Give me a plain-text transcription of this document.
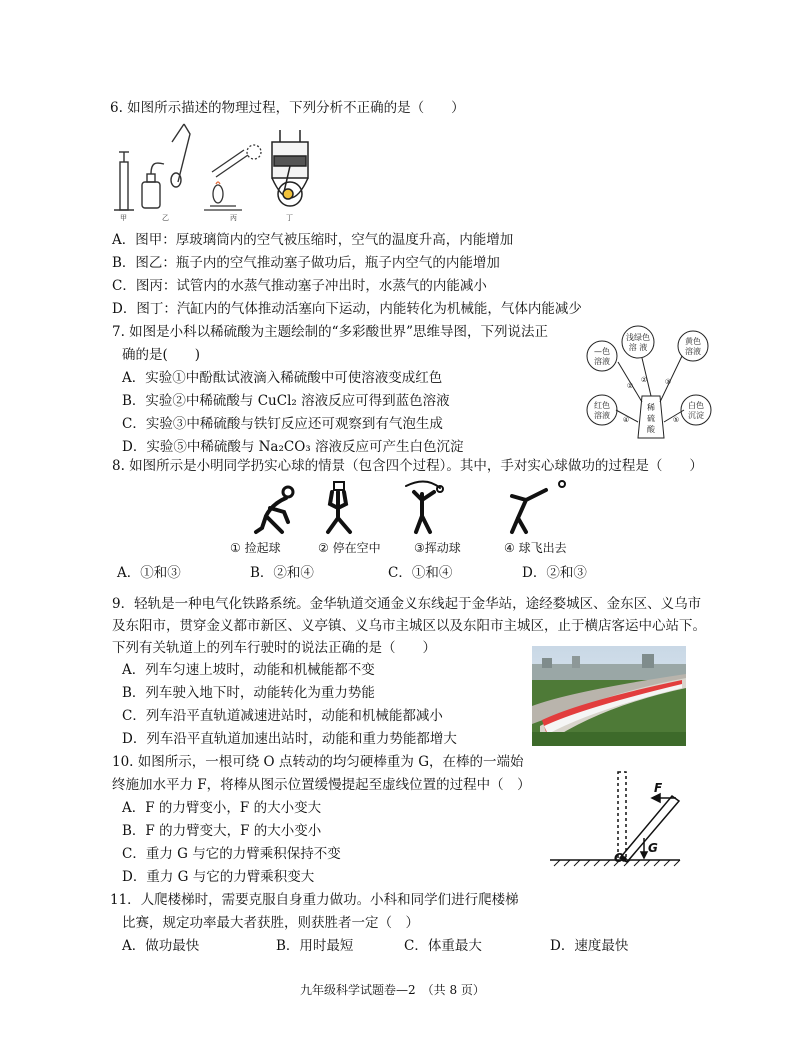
6. 如图所示描述的物理过程，下列分析不正确的是（　　）
甲	乙	丙	丁
A．图甲：厚玻璃筒内的空气被压缩时，空气的温度升高，内能增加
B．图乙：瓶子内的空气推动塞子做功后，瓶子内空气的内能增加
C．图丙：试管内的水蒸气推动塞子冲出时，水蒸气的内能减小
D．图丁：汽缸内的气体推动活塞向下运动，内能转化为机械能，气体内能减少
7. 如图是小科以稀硫酸为主题绘制的“多彩酸世界”思维导图，下列说法正
确的是(　　)
A．实验①中酚酞试液滴入稀硫酸中可使溶液变成红色
B．实验②中稀硫酸与 CuCl₂ 溶液反应可得到蓝色溶液
C．实验③中稀硫酸与铁钉反应还可观察到有气泡生成
D．实验⑤中稀硫酸与 Na₂CO₃ 溶液反应可产生白色沉淀
稀
硫
酸
—色
溶液
浅绿色
溶 液
黄色
溶液
红色
溶液
白色
沉淀
①
②	③
④	⑤
8. 如图所示是小明同学扔实心球的情景（包含四个过程）。其中，手对实心球做功的过程是（　　）
① 捡起球	② 停在空中	③挥动球	④ 球飞出去
A．①和③	B．②和④	C．①和④	D．②和③
9．轻轨是一种电气化铁路系统。金华轨道交通金义东线起于金华站，途经婺城区、金东区、义乌市
及东阳市，贯穿金义都市新区、义亭镇、义乌市主城区以及东阳市主城区，止于横店客运中心站下。
下列有关轨道上的列车行驶时的说法正确的是（　　）
A．列车匀速上坡时，动能和机械能都不变
B．列车驶入地下时，动能转化为重力势能
C．列车沿平直轨道减速进站时，动能和机械能都减小
D．列车沿平直轨道加速出站时，动能和重力势能都增大
10. 如图所示，一根可绕 O 点转动的均匀硬棒重为 G，在棒的一端始
终施加水平力 F，将棒从图示位置缓慢提起至虚线位置的过程中（　）
A．F 的力臂变小，F 的大小变大
B．F 的力臂变大，F 的大小变小
C．重力 G 与它的力臂乘积保持不变
D．重力 G 与它的力臂乘积变大
F
O
G
11．人爬楼梯时，需要克服自身重力做功。小科和同学们进行爬楼梯
比赛，规定功率最大者获胜，则获胜者一定（　）
A．做功最快	B．用时最短	C．体重最大	D．速度最快
九年级科学试题卷—2　（共 8 页）
